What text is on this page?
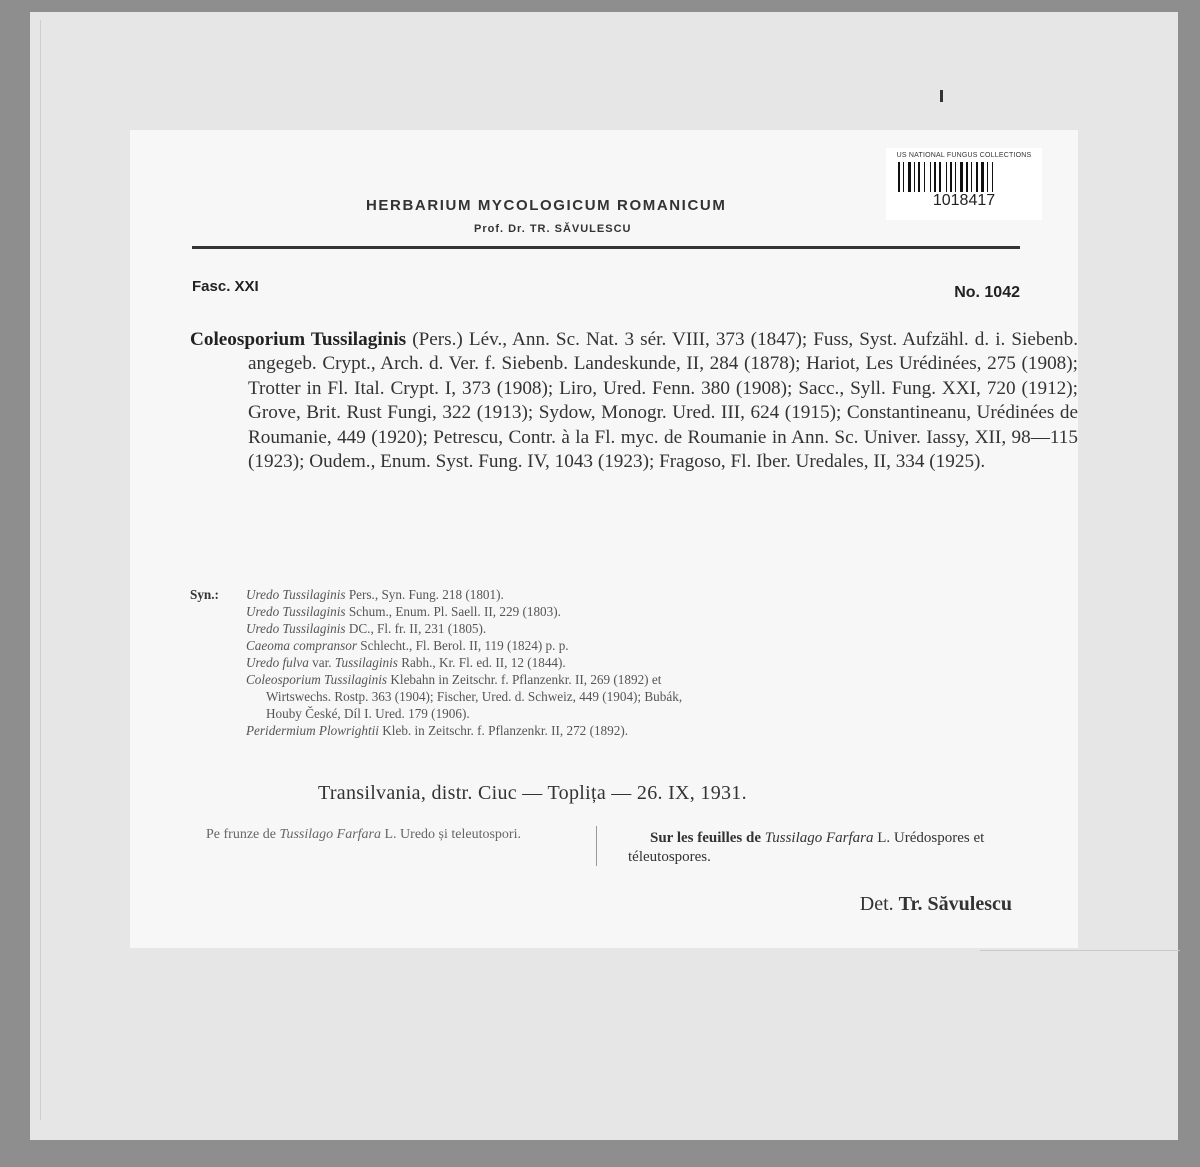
US NATIONAL FUNGUS COLLECTIONS
1018417
HERBARIUM MYCOLOGICUM ROMANICUM
Prof. Dr. TR. SĂVULESCU
Fasc. XXI	No. 1042
Coleosporium Tussilaginis (Pers.) Lév., Ann. Sc. Nat. 3 sér. VIII, 373 (1847); Fuss, Syst. Aufzähl. d. i. Siebenb. angegeb. Crypt., Arch. d. Ver. f. Siebenb. Landeskunde, II, 284 (1878); Hariot, Les Urédinées, 275 (1908); Trotter in Fl. Ital. Crypt. I, 373 (1908); Liro, Ured. Fenn. 380 (1908); Sacc., Syll. Fung. XXI, 720 (1912); Grove, Brit. Rust Fungi, 322 (1913); Sydow, Monogr. Ured. III, 624 (1915); Constantineanu, Urédinées de Roumanie, 449 (1920); Petrescu, Contr. à la Fl. myc. de Roumanie in Ann. Sc. Univer. Iassy, XII, 98—115 (1923); Oudem., Enum. Syst. Fung. IV, 1043 (1923); Fragoso, Fl. Iber. Uredales, II, 334 (1925).
Syn.: Uredo Tussilaginis Pers., Syn. Fung. 218 (1801).
Uredo Tussilaginis Schum., Enum. Pl. Saell. II, 229 (1803).
Uredo Tussilaginis DC., Fl. fr. II, 231 (1805).
Caeoma compransor Schlecht., Fl. Berol. II, 119 (1824) p. p.
Uredo fulva var. Tussilaginis Rabh., Kr. Fl. ed. II, 12 (1844).
Coleosporium Tussilaginis Klebahn in Zeitschr. f. Pflanzenkr. II, 269 (1892) et
Wirtswechs. Rostp. 363 (1904); Fischer, Ured. d. Schweiz, 449 (1904); Bubák,
Houby České, Díl I. Ured. 179 (1906).
Peridermium Plowrightii Kleb. in Zeitschr. f. Pflanzenkr. II, 272 (1892).
Transilvania, distr. Ciuc — Toplița — 26. IX, 1931.
Pe frunze de Tussilago Farfara L. Uredo și teleutospori.	Sur les feuilles de Tussilago Farfara L. Urédospores et téleutospores.
Det. Tr. Săvulescu
